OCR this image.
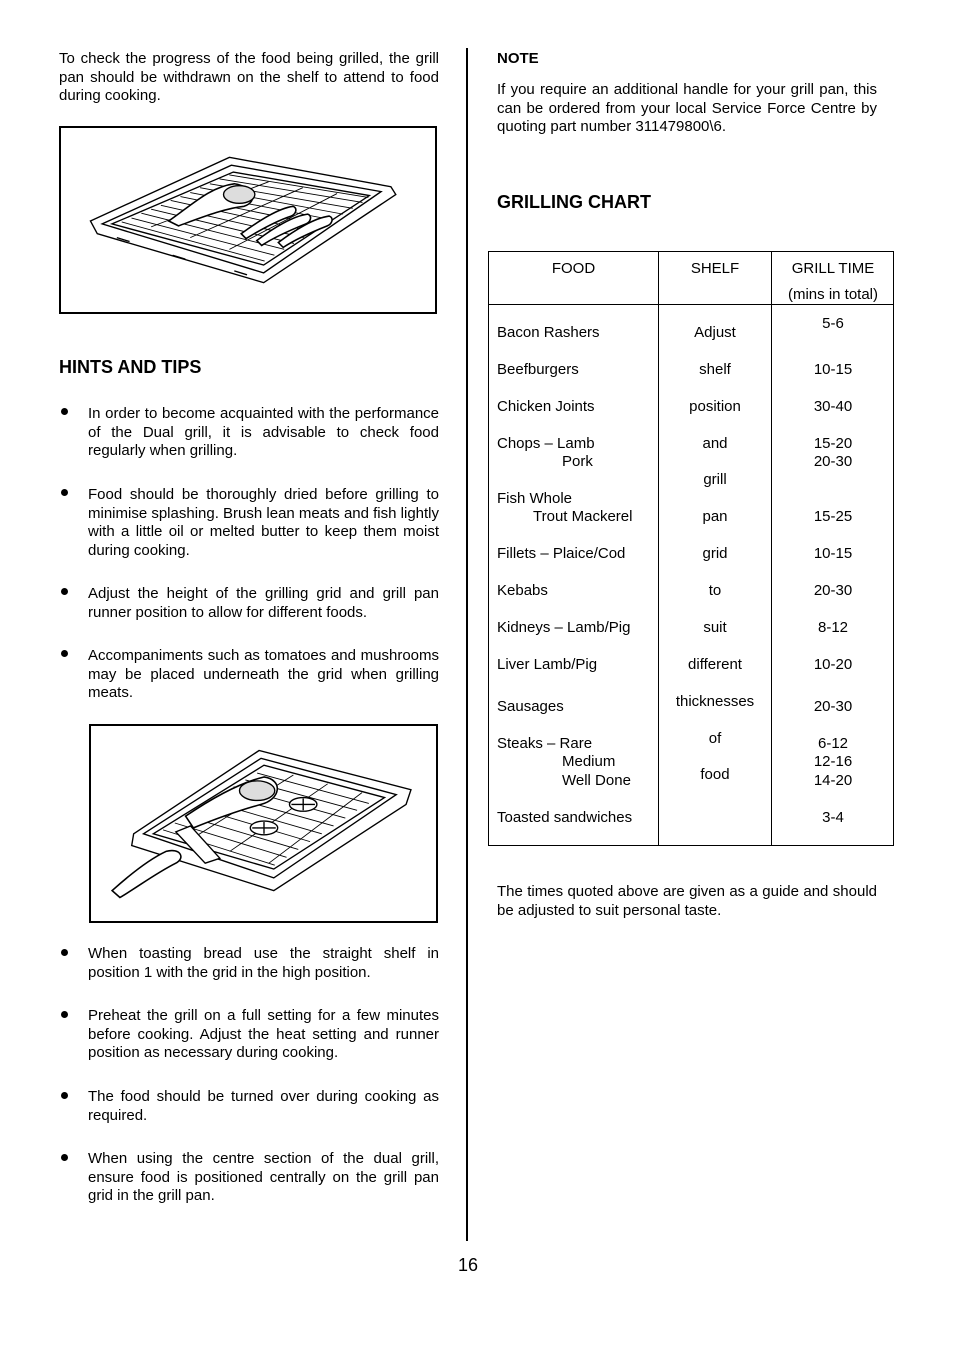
To check the progress of the food being grilled, the grill pan should be withdrawn on the shelf to attend to food during cooking.

HINTS AND TIPS

In order to become acquainted with the performance of the Dual grill, it is advisable to check food regularly when grilling.

Food should be thoroughly dried before grilling to minimise splashing. Brush lean meats and fish lightly with a little oil or melted butter to keep them moist during cooking.

Adjust the height of the grilling grid and grill pan runner position to allow for different foods.

Accompaniments such as tomatoes and mushrooms may be placed underneath the grid when grilling meats.

When toasting bread use the straight shelf in position 1 with the grid in the high position.

Preheat the grill on a full setting for a few minutes before cooking. Adjust the heat setting and runner position as necessary during cooking.

The food should be turned over during cooking as required.

When using the centre section of the dual grill, ensure food is positioned centrally on the grill pan grid in the grill pan.

NOTE

If you require an additional handle for your grill pan, this can be ordered from your local Service Force Centre by quoting part number 311479800\6.

GRILLING CHART
FOOD	SHELF	GRILL TIME
(mins in total)
Bacon Rashers
Beefburgers
Chicken Joints
Chops – Lamb
Pork
Fish Whole
Trout Mackerel
Fillets – Plaice/Cod
Kebabs
Kidneys – Lamb/Pig
Liver Lamb/Pig
Sausages
Steaks – Rare
Medium
Well Done
Toasted sandwiches
Adjust
shelf
position
and
grill
pan
grid
to
suit
different
thicknesses
of
food
5-6
10-15
30-40
15-20
20-30
15-25
10-15
20-30
8-12
10-20
20-30
6-12
12-16
14-20
3-4

The times quoted above are given as a guide and should be adjusted to suit personal taste.

16
